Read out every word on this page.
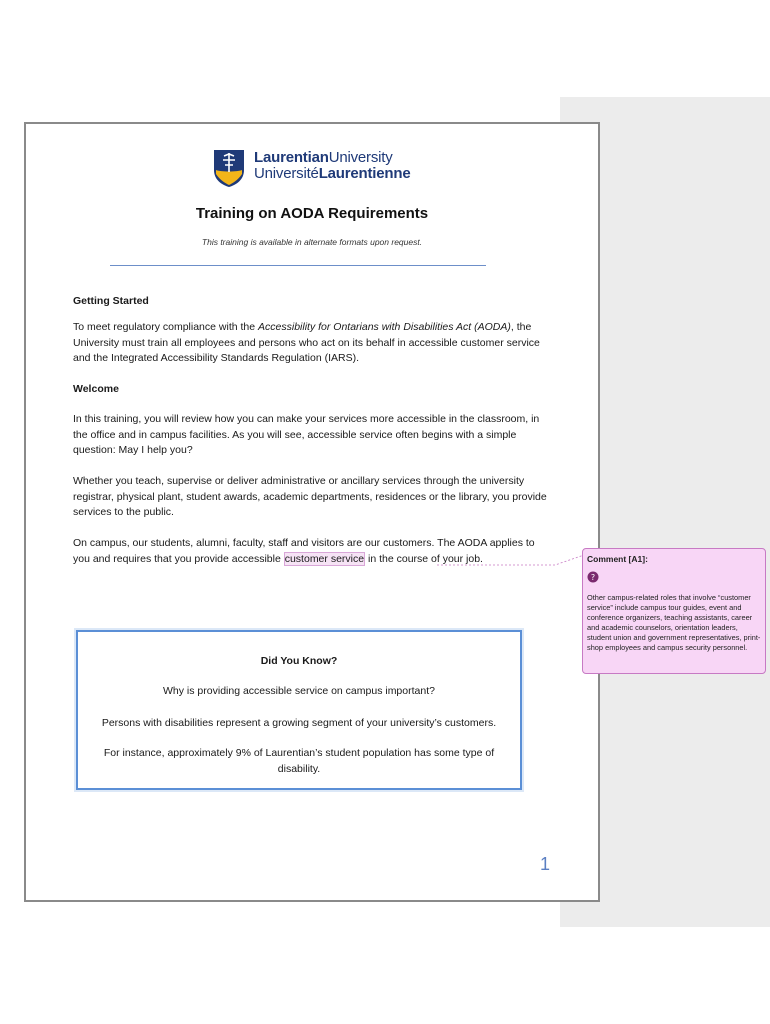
LaurentianUniversity
UniversitéLaurentienne
Training on AODA Requirements
This training is available in alternate formats upon request.
Getting Started
To meet regulatory compliance with the Accessibility for Ontarians with Disabilities Act (AODA), the University must train all employees and persons who act on its behalf in accessible customer service and the Integrated Accessibility Standards Regulation (IARS).
Welcome
In this training, you will review how you can make your services more accessible in the classroom, in the office and in campus facilities. As you will see, accessible service often begins with a simple question: May I help you?
Whether you teach, supervise or deliver administrative or ancillary services through the university registrar, physical plant, student awards, academic departments, residences or the library, you provide services to the public.
On campus, our students, alumni, faculty, staff and visitors are our customers. The AODA applies to you and requires that you provide accessible customer service in the course of your job.

Did You Know?

Why is providing accessible service on campus important?

Persons with disabilities represent a growing segment of your university’s customers.

For instance, approximately 9% of Laurentian’s student population has some type of disability.

1
Comment [A1]:
?
Other campus-related roles that involve “customer service” include campus tour guides, event and conference organizers, teaching assistants, career and academic counselors, orientation leaders, student union and government representatives, print-shop employees and campus security personnel.
